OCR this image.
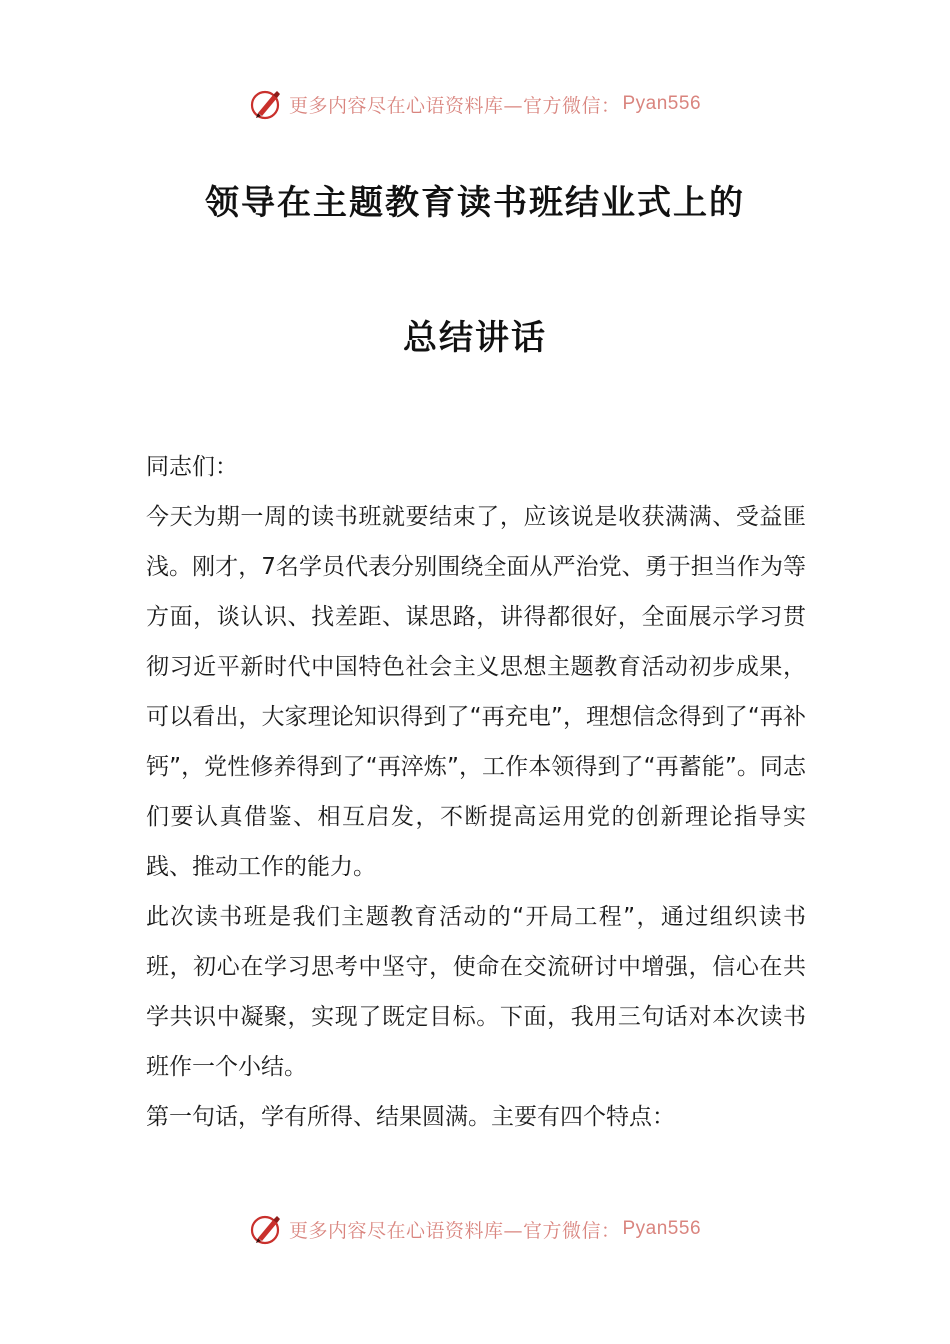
更多内容尽在心语资料库—官方微信： Pyan556
领导在主题教育读书班结业式上的
总结讲话

同志们：

今天为期一周的读书班就要结束了，应该说是收获满满、受益匪浅。刚才，7名学员代表分别围绕全面从严治党、勇于担当作为等方面，谈认识、找差距、谋思路，讲得都很好，全面展示学习贯彻习近平新时代中国特色社会主义思想主题教育活动初步成果，可以看出，大家理论知识得到了“再充电”，理想信念得到了“再补钙”，党性修养得到了“再淬炼”，工作本领得到了“再蓄能”。同志们要认真借鉴、相互启发，不断提高运用党的创新理论指导实践、推动工作的能力。

此次读书班是我们主题教育活动的“开局工程”，通过组织读书班，初心在学习思考中坚守，使命在交流研讨中增强，信心在共学共识中凝聚，实现了既定目标。下面，我用三句话对本次读书班作一个小结。

第一句话，学有所得、结果圆满。主要有四个特点：

更多内容尽在心语资料库—官方微信： Pyan556
